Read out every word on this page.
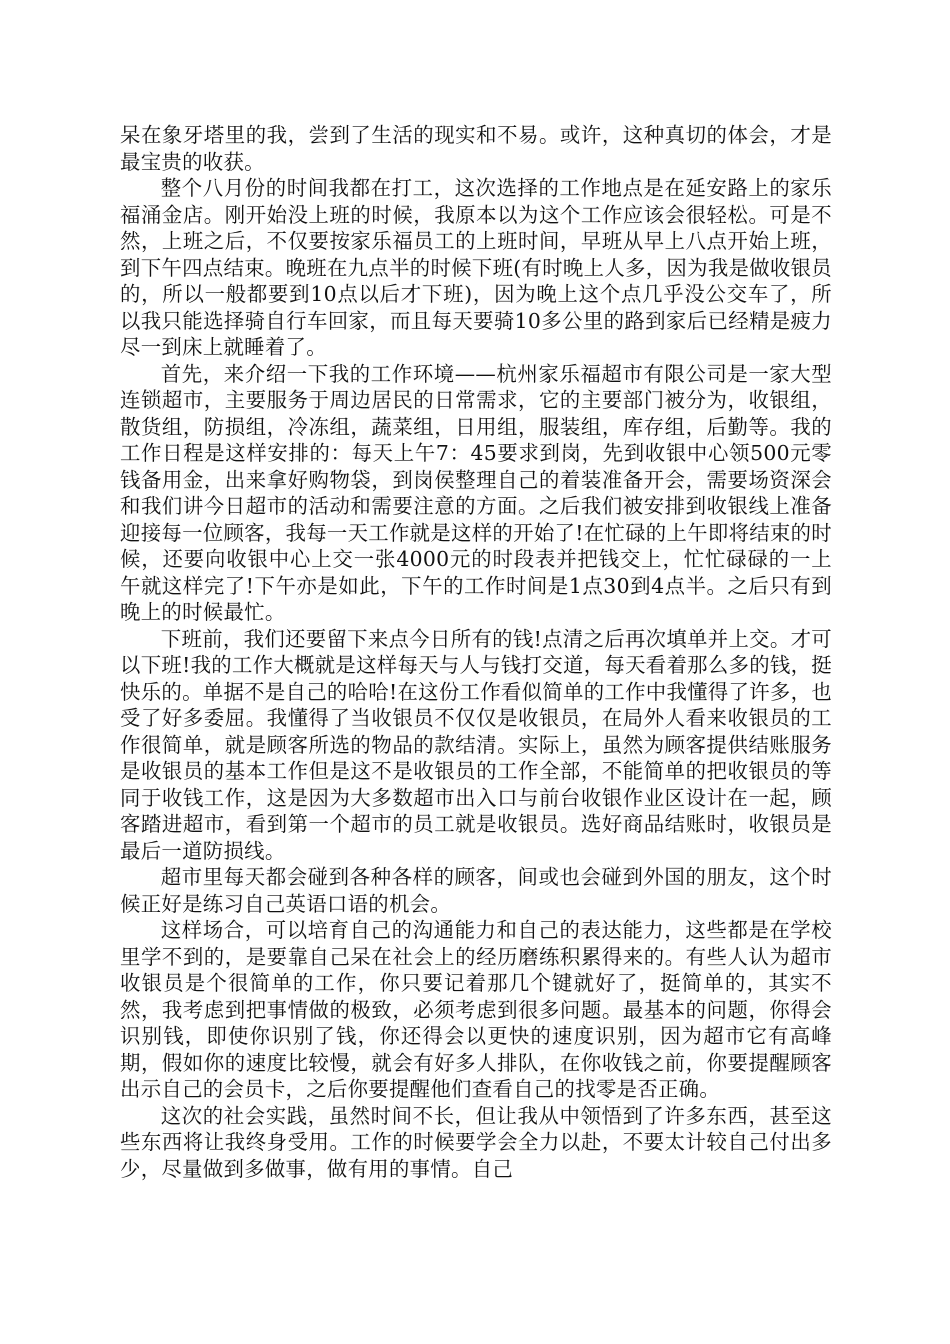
呆在象牙塔里的我，尝到了生活的现实和不易。或许，这种真切的体会，才是最宝贵的收获。

整个八月份的时间我都在打工，这次选择的工作地点是在延安路上的家乐福涌金店。刚开始没上班的时候，我原本以为这个工作应该会很轻松。可是不然，上班之后，不仅要按家乐福员工的上班时间，早班从早上八点开始上班，到下午四点结束。晚班在九点半的时候下班(有时晚上人多，因为我是做收银员的，所以一般都要到10点以后才下班)，因为晚上这个点几乎没公交车了，所以我只能选择骑自行车回家，而且每天要骑10多公里的路到家后已经精是疲力尽一到床上就睡着了。

首先，来介绍一下我的工作环境——杭州家乐福超市有限公司是一家大型连锁超市，主要服务于周边居民的日常需求，它的主要部门被分为，收银组，散货组，防损组，冷冻组，蔬菜组，日用组，服装组，库存组，后勤等。我的工作日程是这样安排的：每天上午7：45要求到岗，先到收银中心领500元零钱备用金，出来拿好购物袋，到岗侯整理自己的着装准备开会，需要场资深会和我们讲今日超市的活动和需要注意的方面。之后我们被安排到收银线上准备迎接每一位顾客，我每一天工作就是这样的开始了!在忙碌的上午即将结束的时候，还要向收银中心上交一张4000元的时段表并把钱交上，忙忙碌碌的一上午就这样完了!下午亦是如此，下午的工作时间是1点30到4点半。之后只有到晚上的时候最忙。

下班前，我们还要留下来点今日所有的钱!点清之后再次填单并上交。才可以下班!我的工作大概就是这样每天与人与钱打交道，每天看着那么多的钱，挺快乐的。单据不是自己的哈哈!在这份工作看似简单的工作中我懂得了许多，也受了好多委屈。我懂得了当收银员不仅仅是收银员，在局外人看来收银员的工作很简单，就是顾客所选的物品的款结清。实际上，虽然为顾客提供结账服务是收银员的基本工作但是这不是收银员的工作全部，不能简单的把收银员的等同于收钱工作，这是因为大多数超市出入口与前台收银作业区设计在一起，顾客踏进超市，看到第一个超市的员工就是收银员。选好商品结账时，收银员是最后一道防损线。

超市里每天都会碰到各种各样的顾客，间或也会碰到外国的朋友，这个时候正好是练习自己英语口语的机会。

这样场合，可以培育自己的沟通能力和自己的表达能力，这些都是在学校里学不到的，是要靠自己呆在社会上的经历磨练积累得来的。有些人认为超市收银员是个很简单的工作，你只要记着那几个键就好了，挺简单的，其实不然，我考虑到把事情做的极致，必须考虑到很多问题。最基本的问题，你得会识别钱，即使你识别了钱，你还得会以更快的速度识别，因为超市它有高峰期，假如你的速度比较慢，就会有好多人排队，在你收钱之前，你要提醒顾客出示自己的会员卡，之后你要提醒他们查看自己的找零是否正确。

这次的社会实践，虽然时间不长，但让我从中领悟到了许多东西，甚至这些东西将让我终身受用。工作的时候要学会全力以赴，不要太计较自己付出多少，尽量做到多做事，做有用的事情。自己
